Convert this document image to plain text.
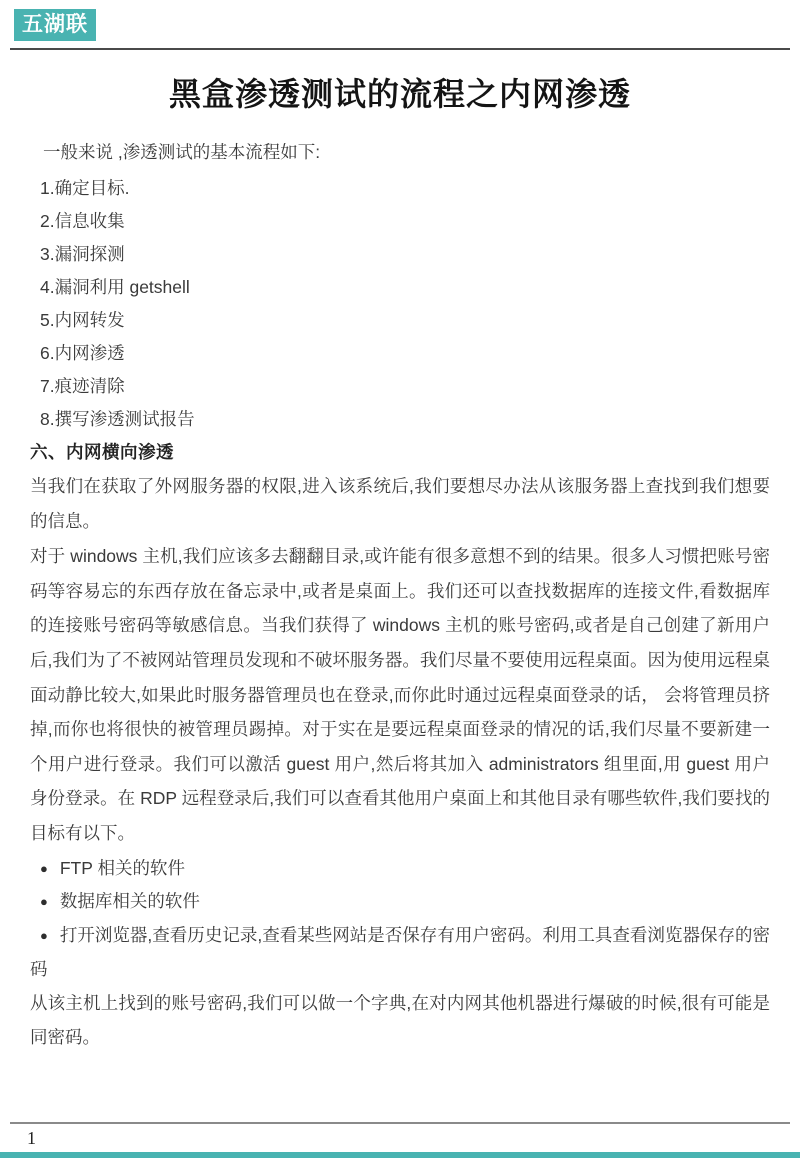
五湖联
黑盒渗透测试的流程之内网渗透

一般来说 ,渗透测试的基本流程如下:

1.确定目标.

2.信息收集

3.漏洞探测

4.漏洞利用 getshell

5.内网转发

6.内网渗透

7.痕迹清除

8.撰写渗透测试报告

六、内网横向渗透

当我们在获取了外网服务器的权限,进入该系统后,我们要想尽办法从该服务器上查找到我们想要的信息。

对于 windows 主机,我们应该多去翻翻目录,或许能有很多意想不到的结果。很多人习惯把账号密码等容易忘的东西存放在备忘录中,或者是桌面上。我们还可以查找数据库的连接文件,看数据库的连接账号密码等敏感信息。当我们获得了 windows 主机的账号密码,或者是自己创建了新用户后,我们为了不被网站管理员发现和不破坏服务器。我们尽量不要使用远程桌面。因为使用远程桌面动静比较大,如果此时服务器管理员也在登录,而你此时通过远程桌面登录的话， 会将管理员挤掉,而你也将很快的被管理员踢掉。对于实在是要远程桌面登录的情况的话,我们尽量不要新建一个用户进行登录。我们可以激活 guest 用户,然后将其加入 administrators 组里面,用 guest 用户身份登录。在 RDP 远程登录后,我们可以查看其他用户桌面上和其他目录有哪些软件,我们要找的目标有以下。

● FTP 相关的软件

● 数据库相关的软件

● 打开浏览器,查看历史记录,查看某些网站是否保存有用户密码。利用工具查看浏览器保存的密码

从该主机上找到的账号密码,我们可以做一个字典,在对内网其他机器进行爆破的时候,很有可能是同密码。

1
